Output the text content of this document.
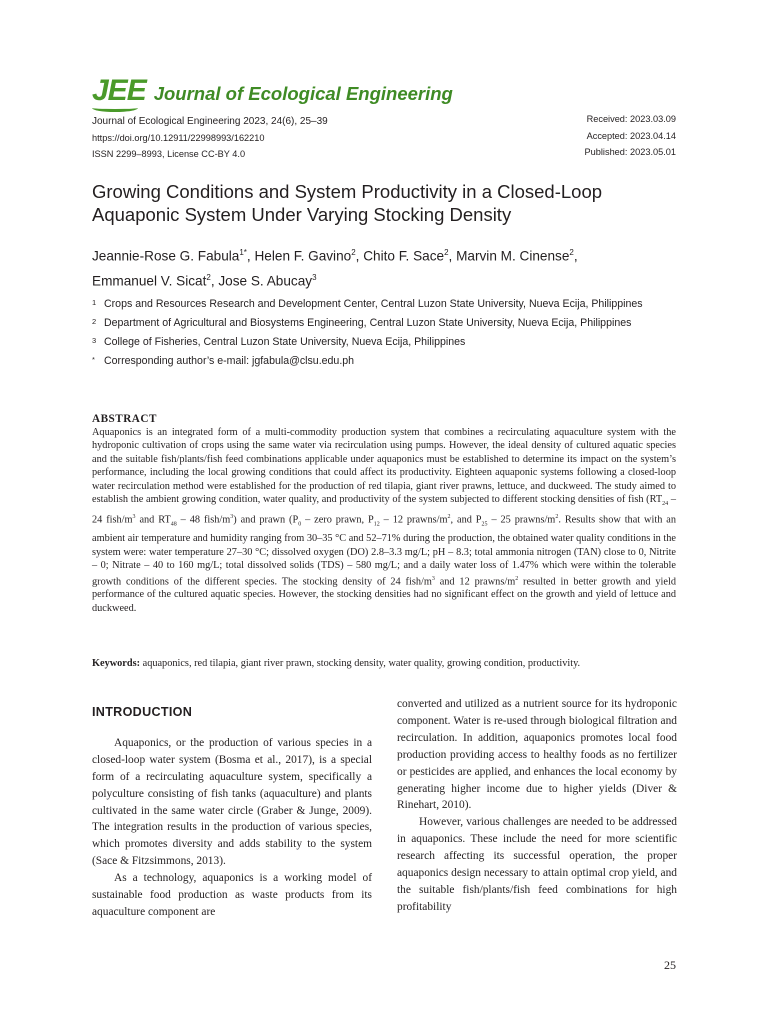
JEE Journal of Ecological Engineering
Journal of Ecological Engineering 2023, 24(6), 25–39
https://doi.org/10.12911/22998993/162210
ISSN 2299–8993, License CC-BY 4.0
Received: 2023.03.09
Accepted: 2023.04.14
Published: 2023.05.01
Growing Conditions and System Productivity in a Closed-Loop
Aquaponic System Under Varying Stocking Density
Jeannie-Rose G. Fabula$^{1*}$, Helen F. Gavino$^2$, Chito F. Sace$^2$, Marvin M. Cinense$^2$,
Emmanuel V. Sicat$^2$, Jose S. Abucay$^3$
1 Crops and Resources Research and Development Center, Central Luzon State University, Nueva Ecija, Philippines
2 Department of Agricultural and Biosystems Engineering, Central Luzon State University, Nueva Ecija, Philippines
3 College of Fisheries, Central Luzon State University, Nueva Ecija, Philippines
* Corresponding author’s e-mail: jgfabula@clsu.edu.ph
ABSTRACT
Aquaponics is an integrated form of a multi-commodity production system that combines a recirculating aquaculture system with the hydroponic cultivation of crops using the same water via recirculation using pumps. However, the ideal density of cultured aquatic species and the suitable fish/plants/fish feed combinations applicable under aquaponics must be established to determine its impact on the system’s performance, including the local growing conditions that could affect its productivity. Eighteen aquaponic systems following a closed-loop water recirculation method were established for the production of red tilapia, giant river prawns, lettuce, and duckweed. The study aimed to establish the ambient growing condition, water quality, and productivity of the system subjected to different stocking densities of fish ($RT_{24} - 24$ fish/$m^3$ and $RT_{48} - 48$ fish/$m^3$) and prawn ($P_0$ – zero prawn, $P_{12} - 12$ prawns/$m^2$, and $P_{25} - 25$ prawns/$m^2$. Results show that with an ambient air temperature and humidity ranging from 30–35 °C and 52–71% during the production, the obtained water quality conditions in the system were: water temperature 27–30 °C; dissolved oxygen (DO) 2.8–3.3 mg/L; pH – 8.3; total ammonia nitrogen (TAN) close to 0, Nitrite – 0; Nitrate – 40 to 160 mg/L; total dissolved solids (TDS) – 580 mg/L; and a daily water loss of 1.47% which were within the tolerable growth conditions of the different species. The stocking density of 24 fish/$m^3$ and 12 prawns/$m^2$ resulted in better growth and yield performance of the cultured aquatic species. However, the stocking densities had no significant effect on the growth and yield of lettuce and duckweed.
Keywords: aquaponics, red tilapia, giant river prawn, stocking density, water quality, growing condition, productivity.
INTRODUCTION

Aquaponics, or the production of various species in a closed-loop water system (Bosma et al., 2017), is a special form of a recirculating aquaculture system, specifically a polyculture consisting of fish tanks (aquaculture) and plants cultivated in the same water circle (Graber & Junge, 2009). The integration results in the production of various species, which promotes diversity and adds stability to the system (Sace & Fitzsimmons, 2013).

As a technology, aquaponics is a working model of sustainable food production as waste products from its aquaculture component are

converted and utilized as a nutrient source for its hydroponic component. Water is re-used through biological filtration and recirculation. In addition, aquaponics promotes local food production providing access to healthy foods as no fertilizer or pesticides are applied, and enhances the local economy by generating higher income due to higher yields (Diver & Rinehart, 2010).

However, various challenges are needed to be addressed in aquaponics. These include the need for more scientific research affecting its successful operation, the proper aquaponics design necessary to attain optimal crop yield, and the suitable fish/plants/fish feed combinations for high profitability

25
